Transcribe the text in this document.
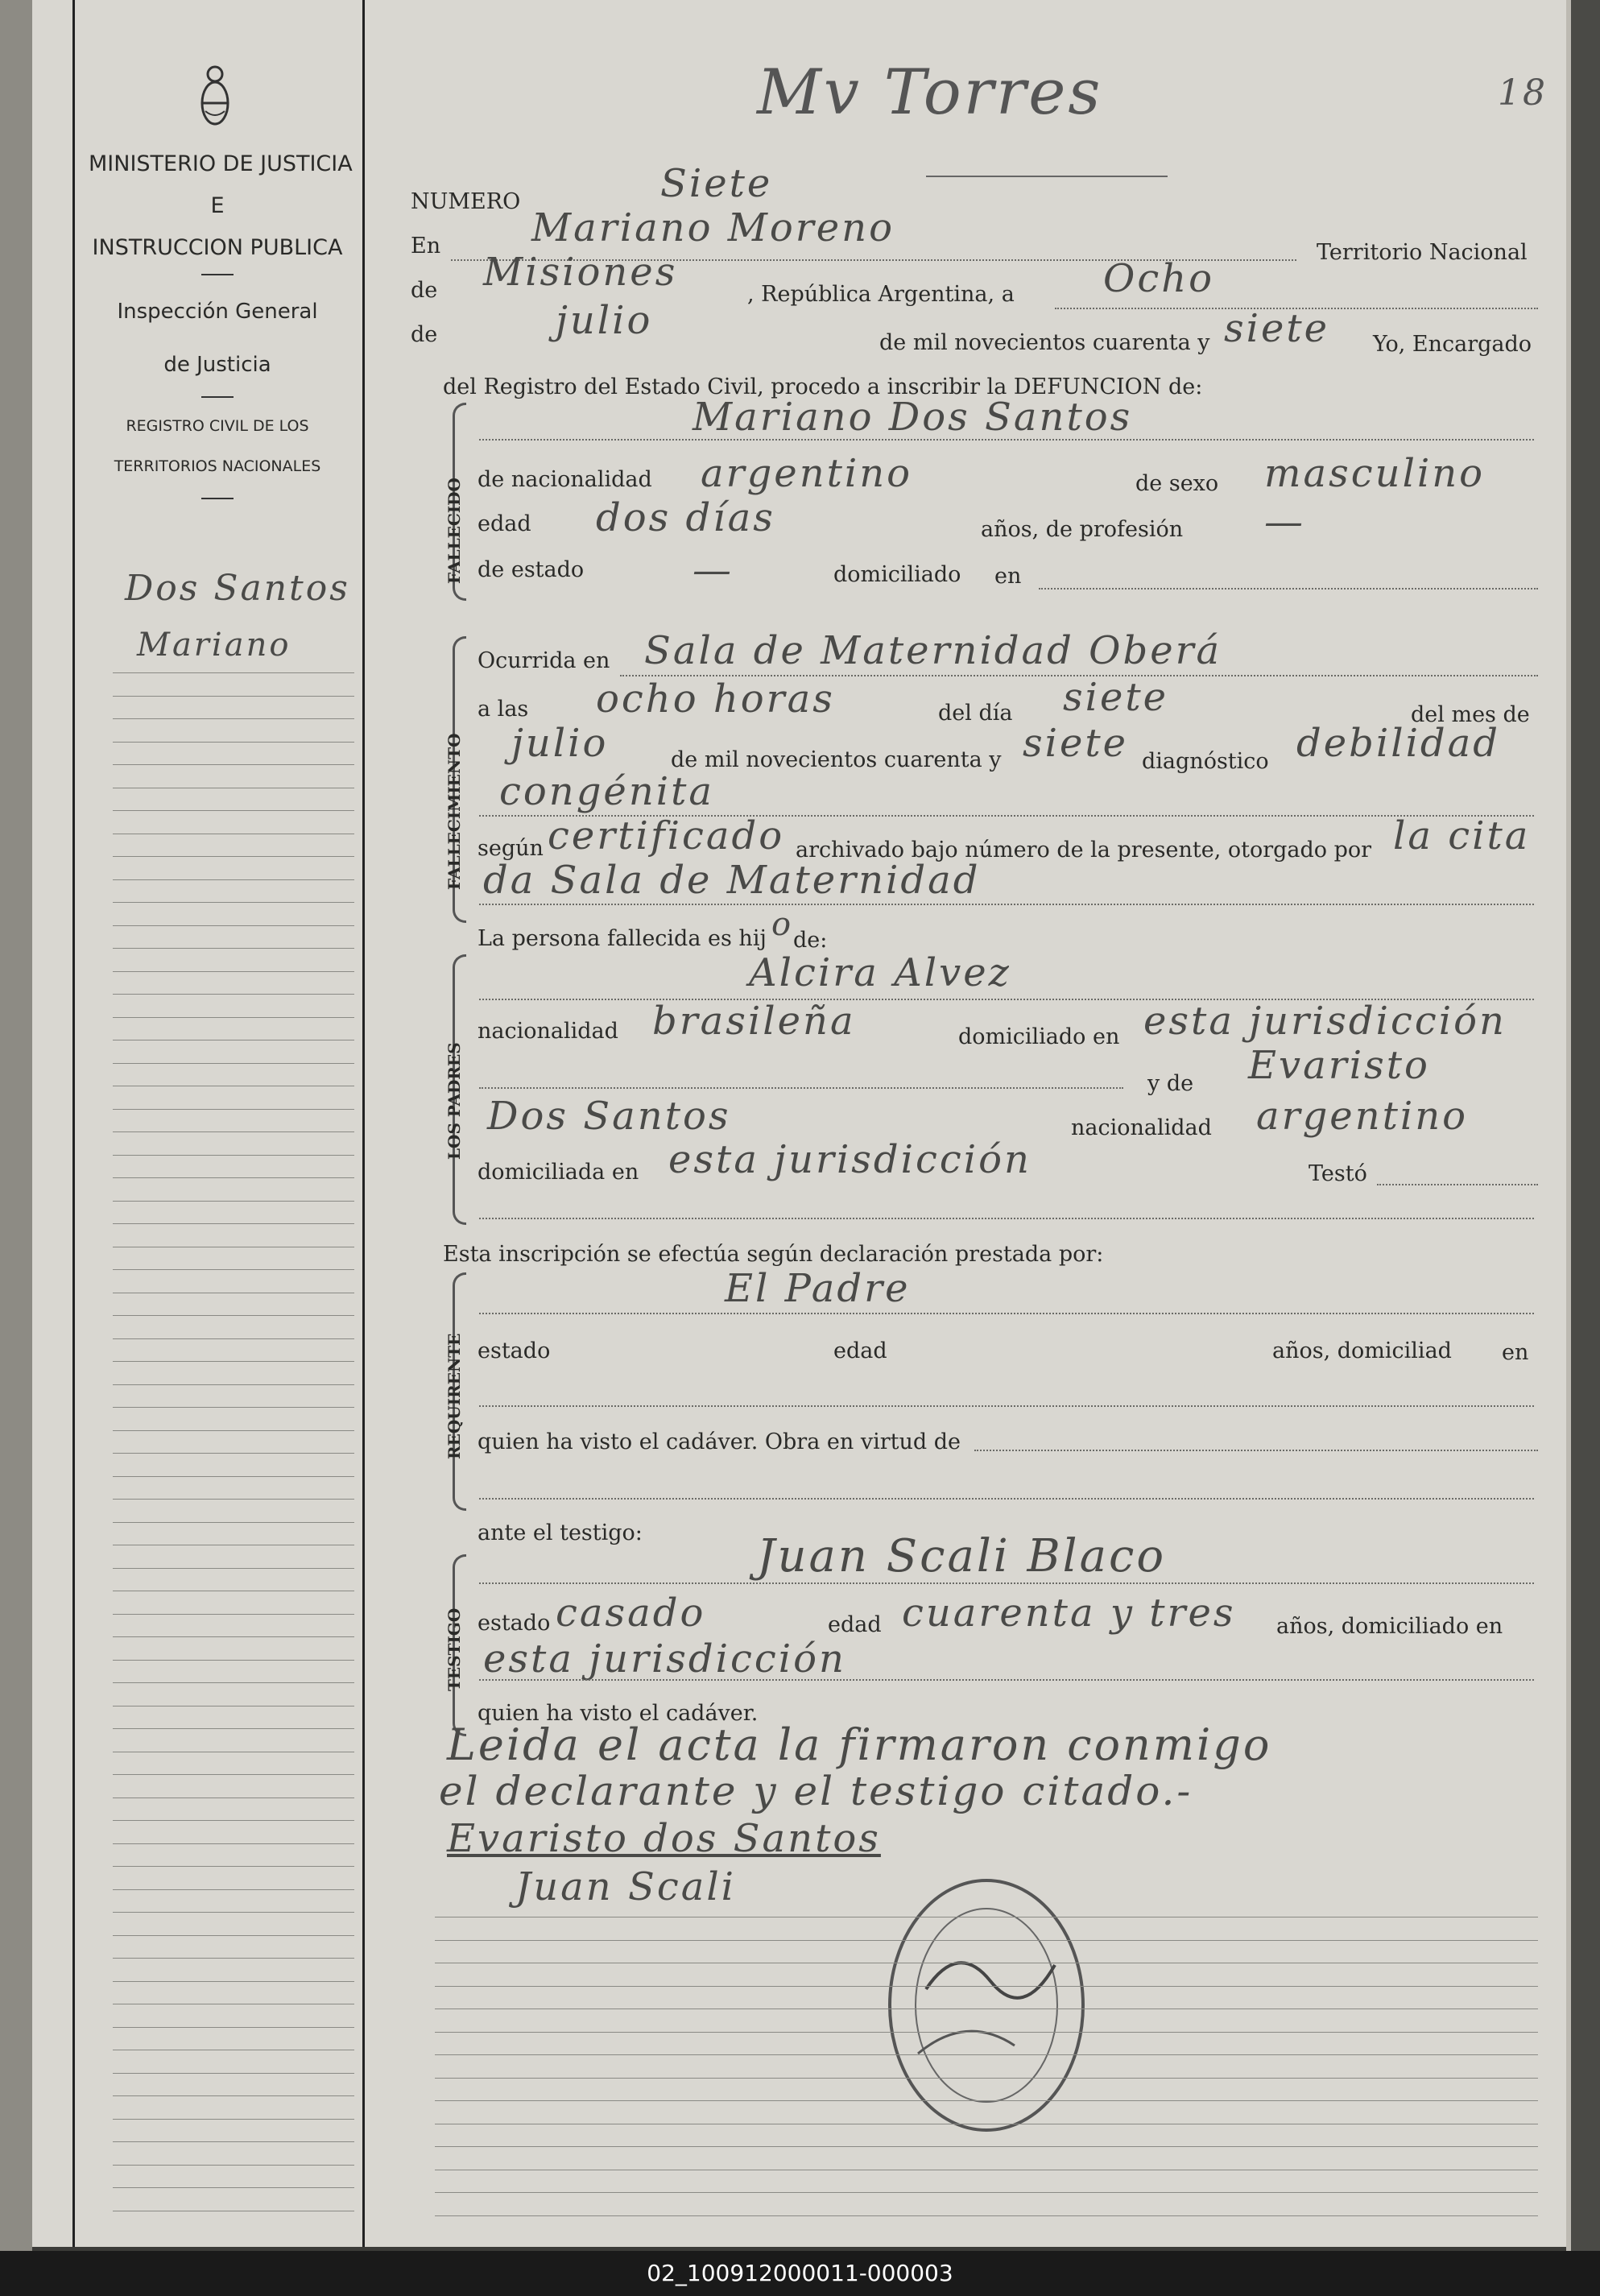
MINISTERIO DE JUSTICIA
E
INSTRUCCION PUBLICA
Inspección General
de Justicia
REGISTRO CIVIL DE LOS
TERRITORIOS NACIONALES
Dos Santos
Mariano
Mv Torres	18
NUMERO	Siete
En Mariano Moreno
Territorio Nacional
de Misiones	, República Argentina, a Ocho
de	julio	de mil novecientos cuarenta y siete Yo, Encargado
del Registro del Estado Civil, procedo a inscribir la DEFUNCION de:
FALLECIDO
Mariano Dos Santos
de nacionalidad argentino	de sexo masculino
edad dos días	años, de profesión —
de estado	—	domiciliado en
FALLECIMIENTO
Ocurrida en Sala de Maternidad Oberá
a las ocho horas	del día siete	del mes de
julio	de mil novecientos cuarenta y siete diagnóstico debilidad
congénita
según certificado archivado bajo número de la presente, otorgado por la cita
da Sala de Maternidad
La persona fallecida es hij o de:
LOS PADRES
Alcira Alvez
nacionalidad brasileña	domiciliado en esta jurisdicción
y de Evaristo
Dos Santos	nacionalidad argentino
domiciliada en esta jurisdicción	Testó
Esta inscripción se efectúa según declaración prestada por:
REQUIRENTE
El Padre
estado	edad	años, domiciliad en
quien ha visto el cadáver. Obra en virtud de
ante el testigo:
TESTIGO
Juan Scali Blaco
estado casado	edad cuarenta y tres años, domiciliado en
esta jurisdicción
quien ha visto el cadáver.
Leida el acta la firmaron conmigo
el declarante y el testigo citado.-
Evaristo dos Santos
Juan Scali
02_100912000011-000003
